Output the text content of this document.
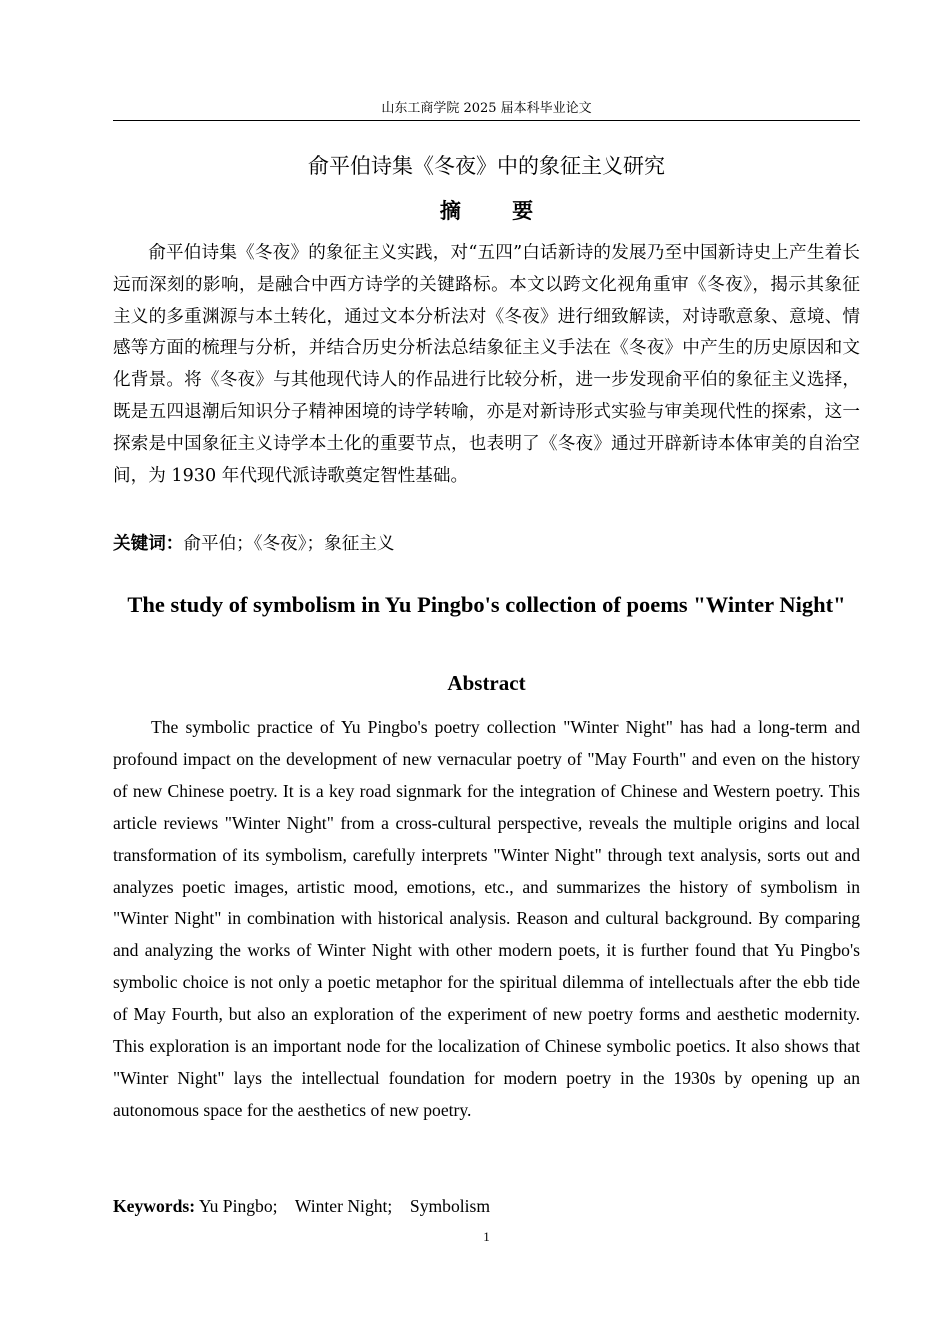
山东工商学院 2025 届本科毕业论文
俞平伯诗集《冬夜》中的象征主义研究
摘 要

俞平伯诗集《冬夜》的象征主义实践，对“五四”白话新诗的发展乃至中国新诗史上产生着长远而深刻的影响，是融合中西方诗学的关键路标。本文以跨文化视角重审《冬夜》，揭示其象征主义的多重渊源与本土转化，通过文本分析法对《冬夜》进行细致解读，对诗歌意象、意境、情感等方面的梳理与分析，并结合历史分析法总结象征主义手法在《冬夜》中产生的历史原因和文化背景。将《冬夜》与其他现代诗人的作品进行比较分析，进一步发现俞平伯的象征主义选择，既是五四退潮后知识分子精神困境的诗学转喻，亦是对新诗形式实验与审美现代性的探索，这一探索是中国象征主义诗学本土化的重要节点，也表明了《冬夜》通过开辟新诗本体审美的自治空间，为 1930 年代现代派诗歌奠定智性基础。

关键词：俞平伯；《冬夜》；象征主义
The study of symbolism in Yu Pingbo's collection of poems "Winter Night"
Abstract

The symbolic practice of Yu Pingbo's poetry collection "Winter Night" has had a long-term and profound impact on the development of new vernacular poetry of "May Fourth" and even on the history of new Chinese poetry. It is a key road signmark for the integration of Chinese and Western poetry. This article reviews "Winter Night" from a cross-cultural perspective, reveals the multiple origins and local transformation of its symbolism, carefully interprets "Winter Night" through text analysis, sorts out and analyzes poetic images, artistic mood, emotions, etc., and summarizes the history of symbolism in "Winter Night" in combination with historical analysis. Reason and cultural background. By comparing and analyzing the works of Winter Night with other modern poets, it is further found that Yu Pingbo's symbolic choice is not only a poetic metaphor for the spiritual dilemma of intellectuals after the ebb tide of May Fourth, but also an exploration of the experiment of new poetry forms and aesthetic modernity. This exploration is an important node for the localization of Chinese symbolic poetics. It also shows that "Winter Night" lays the intellectual foundation for modern poetry in the 1930s by opening up an autonomous space for the aesthetics of new poetry.

Keywords: Yu Pingbo;    Winter Night;    Symbolism
1
